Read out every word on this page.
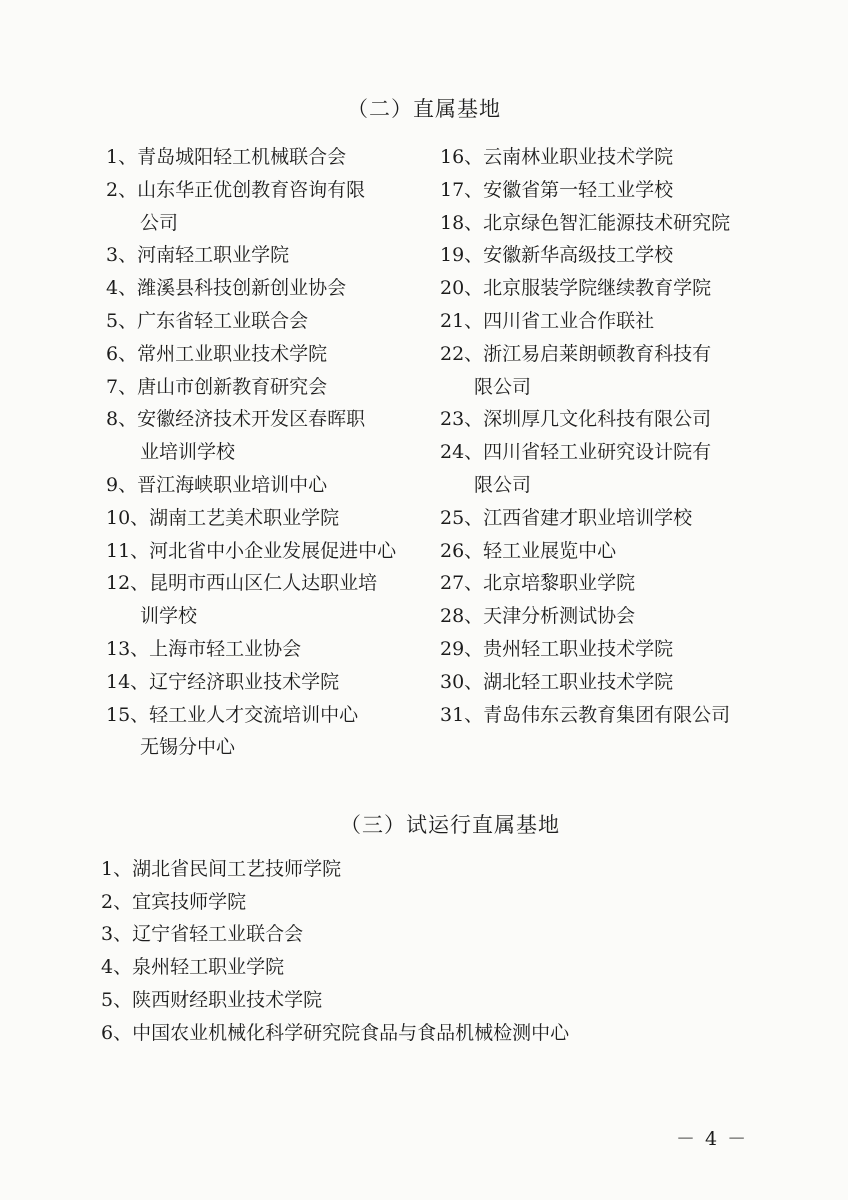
（二）直属基地
1、青岛城阳轻工机械联合会
2、山东华正优创教育咨询有限
公司
3、河南轻工职业学院
4、潍溪县科技创新创业协会
5、广东省轻工业联合会
6、常州工业职业技术学院
7、唐山市创新教育研究会
8、安徽经济技术开发区春晖职
业培训学校
9、晋江海峡职业培训中心
10、湖南工艺美术职业学院
11、河北省中小企业发展促进中心
12、昆明市西山区仁人达职业培
训学校
13、上海市轻工业协会
14、辽宁经济职业技术学院
15、轻工业人才交流培训中心
无锡分中心
16、云南林业职业技术学院
17、安徽省第一轻工业学校
18、北京绿色智汇能源技术研究院
19、安徽新华高级技工学校
20、北京服装学院继续教育学院
21、四川省工业合作联社
22、浙江易启莱朗顿教育科技有
限公司
23、深圳厚几文化科技有限公司
24、四川省轻工业研究设计院有
限公司
25、江西省建才职业培训学校
26、轻工业展览中心
27、北京培黎职业学院
28、天津分析测试协会
29、贵州轻工职业技术学院
30、湖北轻工职业技术学院
31、青岛伟东云教育集团有限公司
（三）试运行直属基地
1、湖北省民间工艺技师学院
2、宜宾技师学院
3、辽宁省轻工业联合会
4、泉州轻工职业学院
5、陕西财经职业技术学院
6、中国农业机械化科学研究院食品与食品机械检测中心
－ 4 －
